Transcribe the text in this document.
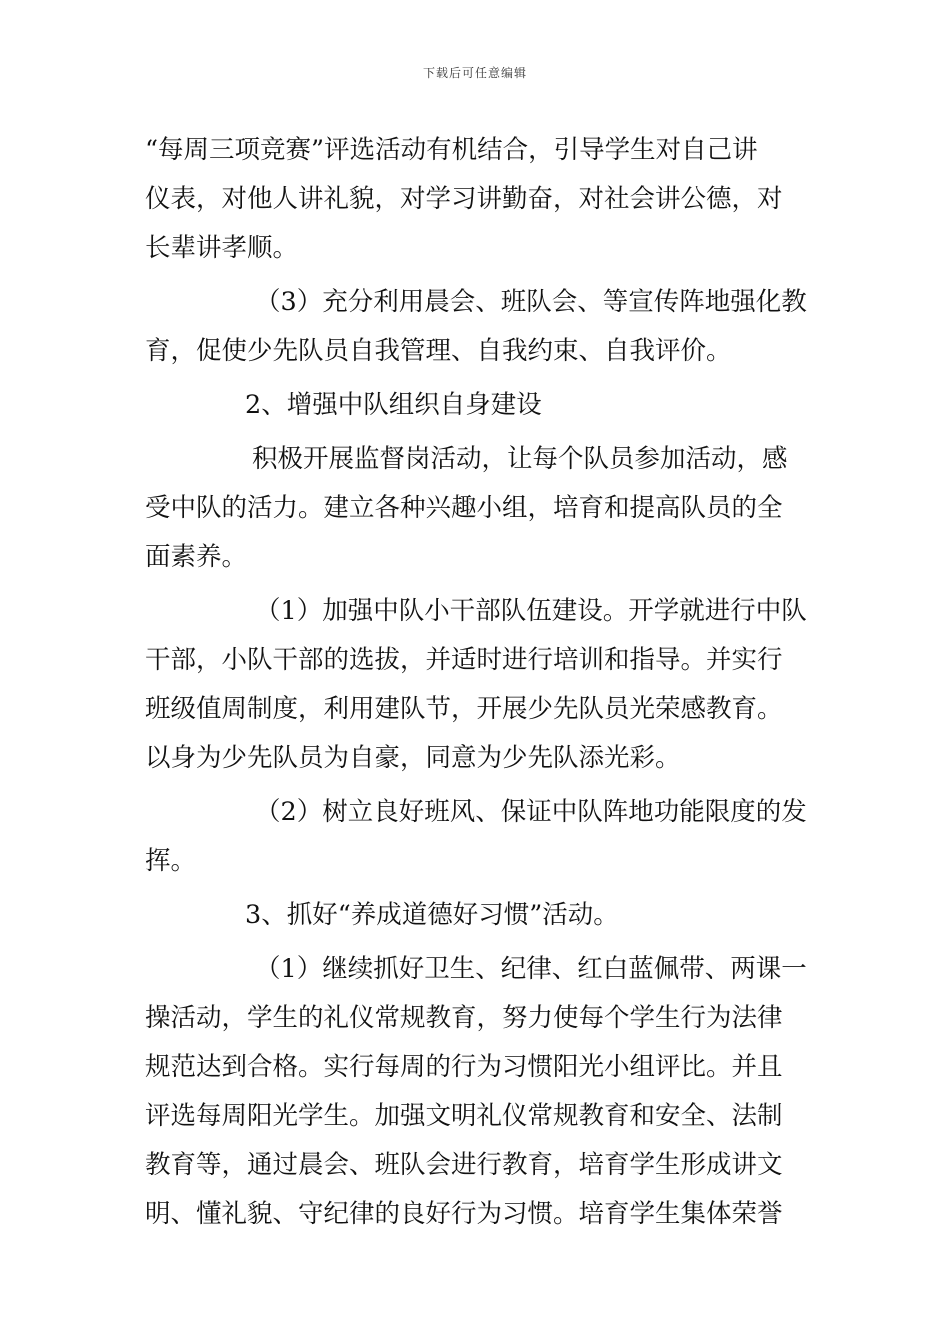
下载后可任意编辑
“每周三项竞赛”评选活动有机结合，引导学生对自己讲
仪表，对他人讲礼貌，对学习讲勤奋，对社会讲公德，对
长辈讲孝顺。
（3）充分利用晨会、班队会、等宣传阵地强化教
育，促使少先队员自我管理、自我约束、自我评价。
2、增强中队组织自身建设
积极开展监督岗活动，让每个队员参加活动，感
受中队的活力。建立各种兴趣小组，培育和提高队员的全
面素养。
（1）加强中队小干部队伍建设。开学就进行中队
干部，小队干部的选拔，并适时进行培训和指导。并实行
班级值周制度，利用建队节，开展少先队员光荣感教育。
以身为少先队员为自豪，同意为少先队添光彩。
（2）树立良好班风、保证中队阵地功能限度的发
挥。
3、抓好“养成道德好习惯”活动。
（1）继续抓好卫生、纪律、红白蓝佩带、两课一
操活动，学生的礼仪常规教育，努力使每个学生行为法律
规范达到合格。实行每周的行为习惯阳光小组评比。并且
评选每周阳光学生。加强文明礼仪常规教育和安全、法制
教育等，通过晨会、班队会进行教育，培育学生形成讲文
明、懂礼貌、守纪律的良好行为习惯。培育学生集体荣誉
